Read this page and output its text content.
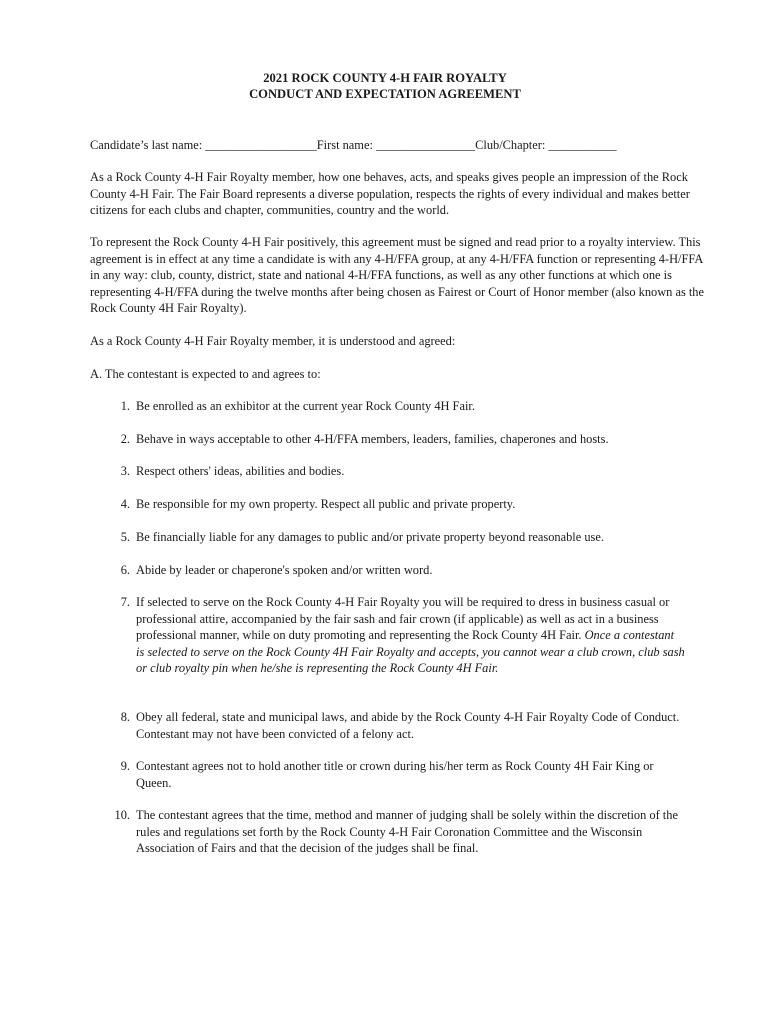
2021 ROCK COUNTY 4-H FAIR ROYALTY
CONDUCT AND EXPECTATION AGREEMENT

Candidate’s last name: __________________First name: ________________Club/Chapter: ___________

As a Rock County 4-H Fair Royalty member, how one behaves, acts, and speaks gives people an impression of the Rock County 4-H Fair. The Fair Board represents a diverse population, respects the rights of every individual and makes better citizens for each clubs and chapter, communities, country and the world.

To represent the Rock County 4-H Fair positively, this agreement must be signed and read prior to a royalty interview. This agreement is in effect at any time a candidate is with any 4-H/FFA group, at any 4-H/FFA function or representing 4-H/FFA in any way: club, county, district, state and national 4-H/FFA functions, as well as any other functions at which one is representing 4-H/FFA during the twelve months after being chosen as Fairest or Court of Honor member (also known as the Rock County 4H Fair Royalty).

As a Rock County 4-H Fair Royalty member, it is understood and agreed:

A. The contestant is expected to and agrees to:

1. Be enrolled as an exhibitor at the current year Rock County 4H Fair.
2. Behave in ways acceptable to other 4-H/FFA members, leaders, families, chaperones and hosts.
3. Respect others' ideas, abilities and bodies.
4. Be responsible for my own property. Respect all public and private property.
5. Be financially liable for any damages to public and/or private property beyond reasonable use.
6. Abide by leader or chaperone's spoken and/or written word.
7. If selected to serve on the Rock County 4-H Fair Royalty you will be required to dress in business casual or professional attire, accompanied by the fair sash and fair crown (if applicable) as well as act in a business professional manner, while on duty promoting and representing the Rock County 4H Fair. Once a contestant is selected to serve on the Rock County 4H Fair Royalty and accepts, you cannot wear a club crown, club sash or club royalty pin when he/she is representing the Rock County 4H Fair.
8. Obey all federal, state and municipal laws, and abide by the Rock County 4-H Fair Royalty Code of Conduct. Contestant may not have been convicted of a felony act.
9. Contestant agrees not to hold another title or crown during his/her term as Rock County 4H Fair King or Queen.
10. The contestant agrees that the time, method and manner of judging shall be solely within the discretion of the rules and regulations set forth by the Rock County 4-H Fair Coronation Committee and the Wisconsin Association of Fairs and that the decision of the judges shall be final.
